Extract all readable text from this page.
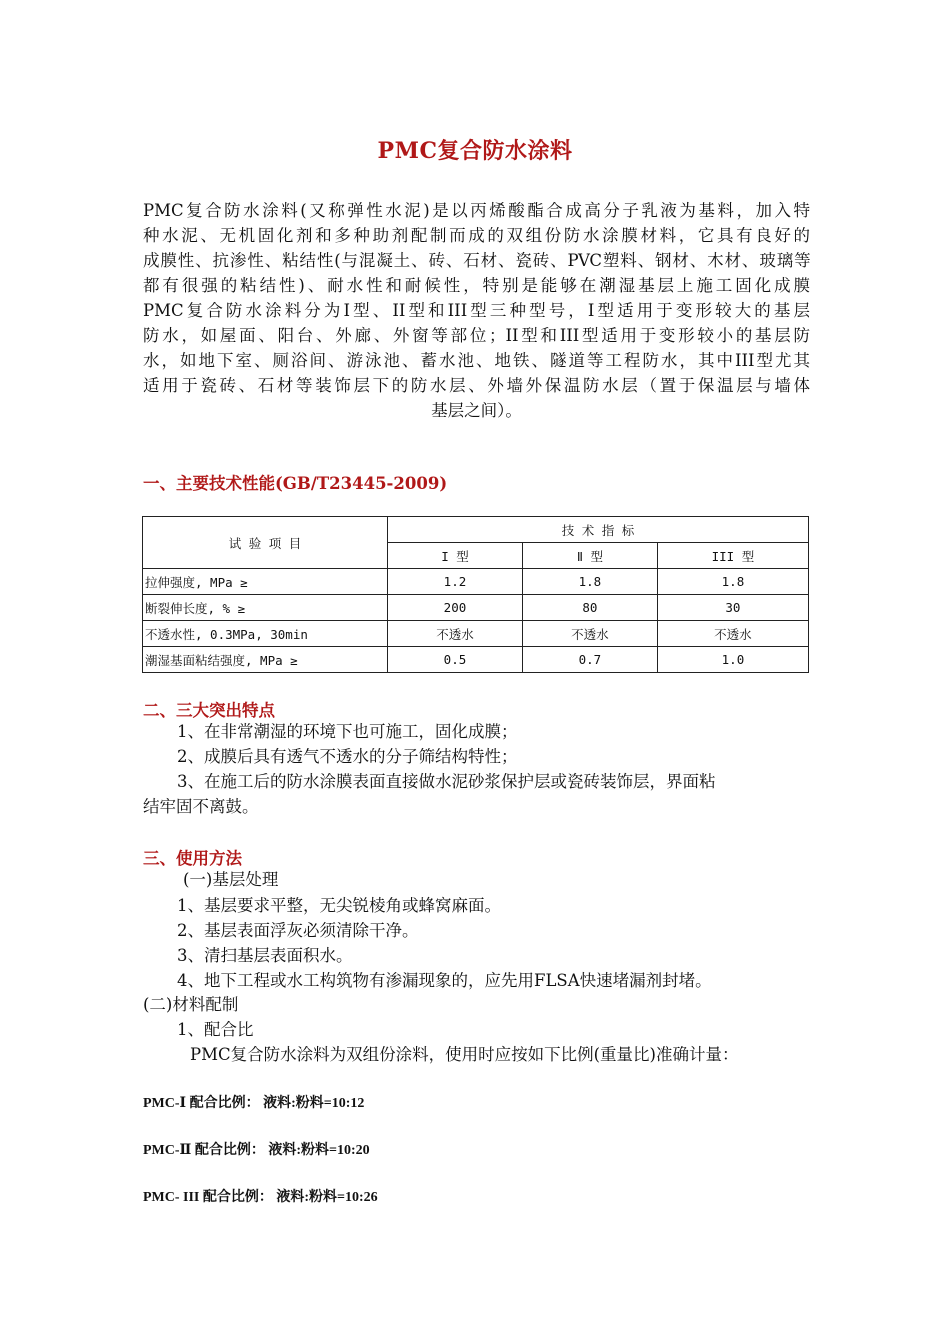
PMC复合防水涂料
PMC复合防水涂料(又称弹性水泥)是以丙烯酸酯合成高分子乳液为基料，加入特
种水泥、无机固化剂和多种助剂配制而成的双组份防水涂膜材料，它具有良好的
成膜性、抗渗性、粘结性(与混凝土、砖、石材、瓷砖、PVC塑料、钢材、木材、玻璃等
都有很强的粘结性)、耐水性和耐候性，特别是能够在潮湿基层上施工固化成膜
PMC复合防水涂料分为I型、II型和III型三种型号，I型适用于变形较大的基层
防水，如屋面、阳台、外廊、外窗等部位；II型和III型适用于变形较小的基层防
水，如地下室、厕浴间、游泳池、蓄水池、地铁、隧道等工程防水，其中III型尤其
适用于瓷砖、石材等装饰层下的防水层、外墙外保温防水层（置于保温层与墙体
基层之间）。
一、主要技术性能(GB/T23445-2009)
试 验 项 目	技 术 指 标		
	I 型	Ⅱ 型	III 型
拉伸强度, MPa ≥	1.2	1.8	1.8
断裂伸长度, % ≥	200	80	30
不透水性, 0.3MPa, 30min	不透水	不透水	不透水
潮湿基面粘结强度, MPa ≥	0.5	0.7	1.0
二、三大突出特点
1、在非常潮湿的环境下也可施工，固化成膜；
2、成膜后具有透气不透水的分子筛结构特性；
3、在施工后的防水涂膜表面直接做水泥砂浆保护层或瓷砖装饰层，界面粘
结牢固不离鼓。
三、使用方法
(一)基层处理
1、基层要求平整，无尖锐棱角或蜂窝麻面。
2、基层表面浮灰必须清除干净。
3、清扫基层表面积水。
4、地下工程或水工构筑物有渗漏现象的，应先用FLSA快速堵漏剂封堵。
(二)材料配制
1、配合比
PMC复合防水涂料为双组份涂料，使用时应按如下比例(重量比)准确计量：
PMC-Ⅰ 配合比例： 液料:粉料=10:12
PMC-Ⅱ 配合比例： 液料:粉料=10:20
PMC- III 配合比例： 液料:粉料=10:26
